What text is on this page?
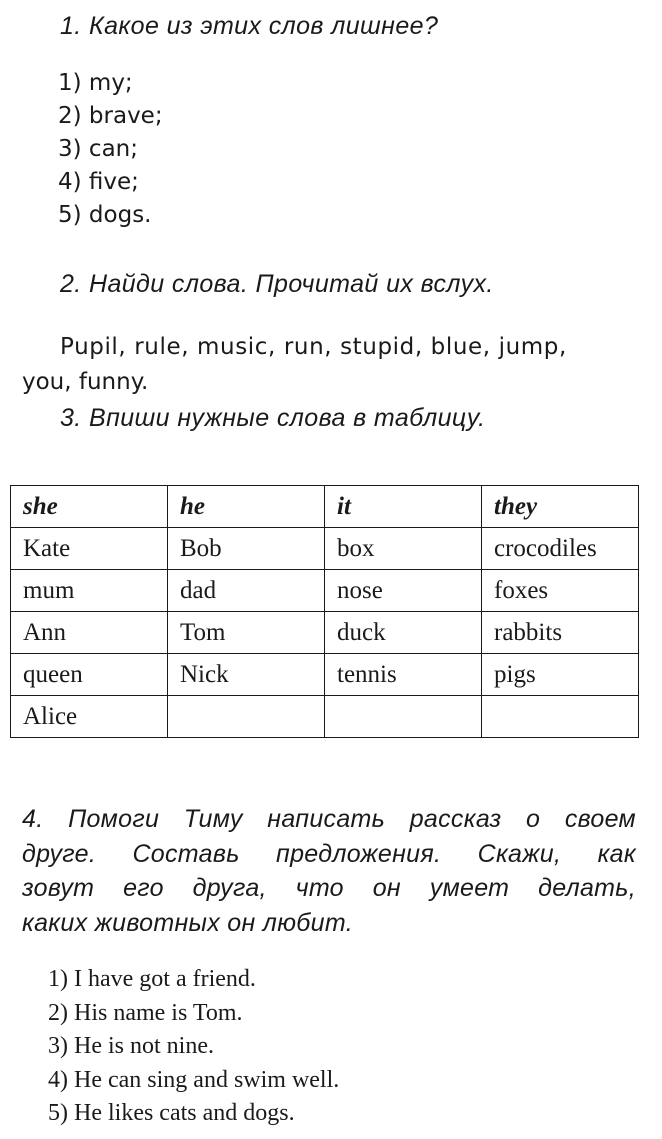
1. Какое из этих слов лишнее?

1) my;
2) brave;
3) can;
4) five;
5) dogs.

2. Найди слова. Прочитай их вслух.

Pupil, rule, music, run, stupid, blue, jump,

you, funny.

3. Впиши нужные слова в таблицу.

she	he	it	they
Kate	Bob	box	crocodiles
mum	dad	nose	foxes
Ann	Tom	duck	rabbits
queen	Nick	tennis	pigs
Alice			
4. Помоги Тиму написать рассказ о своем
друге. Составь предложения. Скажи, как
зовут его друга, что он умеет делать,
каких животных он любит.
1) I have got a friend.
2) His name is Tom.
3) He is not nine.
4) He can sing and swim well.
5) He likes cats and dogs.
